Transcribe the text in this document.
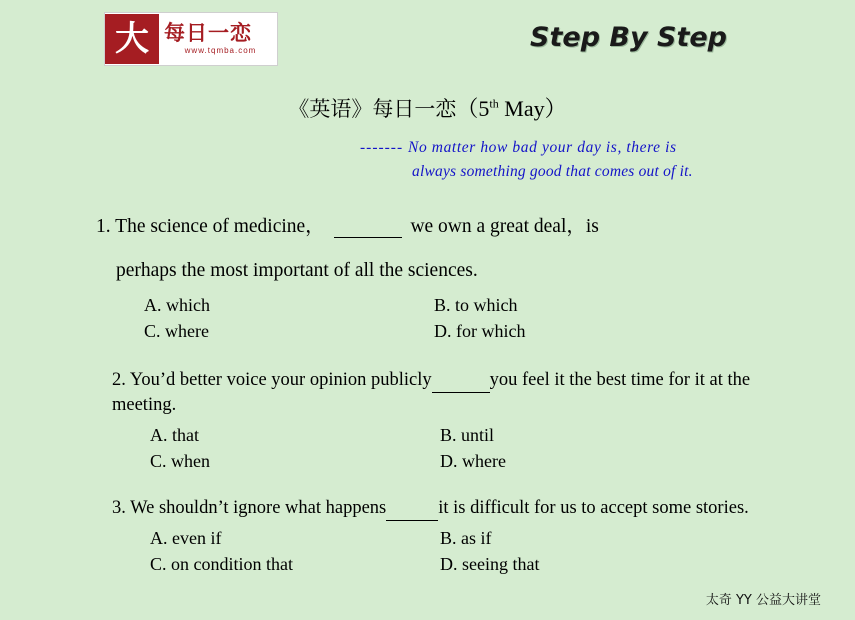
大 每日一恋
www.tqmba.com	Step By Step
《英语》每日一恋（5th May）
------- No matter how bad your day is, there is
always something good that comes out of it.
1. The science of medicine，	we own a great deal，is
perhaps the most important of all the sciences.
A. which	B. to which
C. where	D. for which
2. You’d better voice your opinion publicly	you feel it the best time for it at the meeting.
A. that	B. until
C. when	D. where
3. We shouldn’t ignore what happens	it is difficult for us to accept some stories.
A. even if	B. as if
C. on condition that	D. seeing that
太奇 YY 公益大讲堂
